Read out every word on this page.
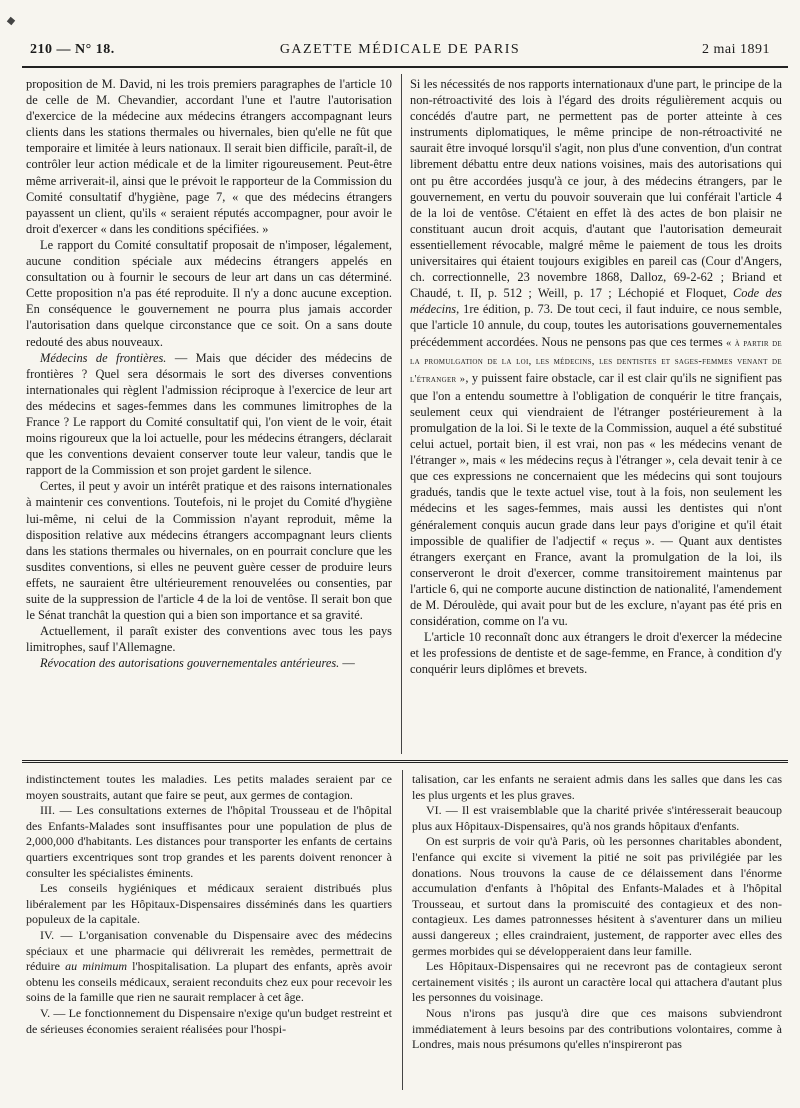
210 — N° 18.	GAZETTE MÉDICALE DE PARIS	2 mai 1891

proposition de M. David, ni les trois premiers paragraphes de l'article 10 de celle de M. Chevandier, accordant l'une et l'autre l'autorisation d'exercice de la médecine aux médecins étrangers accompagnant leurs clients dans les stations thermales ou hivernales, bien qu'elle ne fût que temporaire et limitée à leurs nationaux. Il serait bien difficile, paraît-il, de contrôler leur action médicale et de la limiter rigoureusement. Peut-être même arriverait-il, ainsi que le prévoit le rapporteur de la Commission du Comité consultatif d'hygiène, page 7, « que des médecins étrangers payassent un client, qu'ils « seraient réputés accompagner, pour avoir le droit d'exercer « dans les conditions spécifiées. »

Le rapport du Comité consultatif proposait de n'imposer, légalement, aucune condition spéciale aux médecins étrangers appelés en consultation ou à fournir le secours de leur art dans un cas déterminé. Cette proposition n'a pas été reproduite. Il n'y a donc aucune exception. En conséquence le gouvernement ne pourra plus jamais accorder l'autorisation dans quelque circonstance que ce soit. On a sans doute redouté des abus nouveaux.

Médecins de frontières. — Mais que décider des médecins de frontières ? Quel sera désormais le sort des diverses conventions internationales qui règlent l'admission réciproque à l'exercice de leur art des médecins et sages-femmes dans les communes limitrophes de la France ? Le rapport du Comité consultatif qui, l'on vient de le voir, était moins rigoureux que la loi actuelle, pour les médecins étrangers, déclarait que les conventions devaient conserver toute leur valeur, tandis que le rapport de la Commission et son projet gardent le silence.

Certes, il peut y avoir un intérêt pratique et des raisons internationales à maintenir ces conventions. Toutefois, ni le projet du Comité d'hygiène lui-même, ni celui de la Commission n'ayant reproduit, même la disposition relative aux médecins étrangers accompagnant leurs clients dans les stations thermales ou hivernales, on en pourrait conclure que les susdites conventions, si elles ne peuvent guère cesser de produire leurs effets, ne sauraient être ultérieurement renouvelées ou consenties, par suite de la suppression de l'article 4 de la loi de ventôse. Il serait bon que le Sénat tranchât la question qui a bien son importance et sa gravité.

Actuellement, il paraît exister des conventions avec tous les pays limitrophes, sauf l'Allemagne.

Révocation des autorisations gouvernementales antérieures. —

Si les nécessités de nos rapports internationaux d'une part, le principe de la non-rétroactivité des lois à l'égard des droits régulièrement acquis ou concédés d'autre part, ne permettent pas de porter atteinte à ces instruments diplomatiques, le même principe de non-rétroactivité ne saurait être invoqué lorsqu'il s'agit, non plus d'une convention, d'un contrat librement débattu entre deux nations voisines, mais des autorisations qui ont pu être accordées jusqu'à ce jour, à des médecins étrangers, par le gouvernement, en vertu du pouvoir souverain que lui conférait l'article 4 de la loi de ventôse. C'étaient en effet là des actes de bon plaisir ne constituant aucun droit acquis, d'autant que l'autorisation demeurait essentiellement révocable, malgré même le paiement de tous les droits universitaires qui étaient toujours exigibles en pareil cas (Cour d'Angers, ch. correctionnelle, 23 novembre 1868, Dalloz, 69-2-62 ; Briand et Chaudé, t. II, p. 512 ; Weill, p. 17 ; Léchopié et Floquet, Code des médecins, 1re édition, p. 73. De tout ceci, il faut induire, ce nous semble, que l'article 10 annule, du coup, toutes les autorisations gouvernementales précédemment accordées. Nous ne pensons pas que ces termes « à partir de la promulgation de la loi, les médecins, les dentistes et sages-femmes venant de l'étranger », y puissent faire obstacle, car il est clair qu'ils ne signifient pas que l'on a entendu soumettre à l'obligation de conquérir le titre français, seulement ceux qui viendraient de l'étranger postérieurement à la promulgation de la loi. Si le texte de la Commission, auquel a été substitué celui actuel, portait bien, il est vrai, non pas « les médecins venant de l'étranger », mais « les médecins reçus à l'étranger », cela devait tenir à ce que ces expressions ne concernaient que les médecins qui sont toujours gradués, tandis que le texte actuel vise, tout à la fois, non seulement les médecins et les sages-femmes, mais aussi les dentistes qui n'ont généralement conquis aucun grade dans leur pays d'origine et qu'il était impossible de qualifier de l'adjectif « reçus ». — Quant aux dentistes étrangers exerçant en France, avant la promulgation de la loi, ils conserveront le droit d'exercer, comme transitoirement maintenus par l'article 6, qui ne comporte aucune distinction de nationalité, l'amendement de M. Déroulède, qui avait pour but de les exclure, n'ayant pas été pris en considération, comme on l'a vu.

L'article 10 reconnaît donc aux étrangers le droit d'exercer la médecine et les professions de dentiste et de sage-femme, en France, à condition d'y conquérir leurs diplômes et brevets.

indistinctement toutes les maladies. Les petits malades seraient par ce moyen soustraits, autant que faire se peut, aux germes de contagion.

III. — Les consultations externes de l'hôpital Trousseau et de l'hôpital des Enfants-Malades sont insuffisantes pour une population de plus de 2,000,000 d'habitants. Les distances pour transporter les enfants de certains quartiers excentriques sont trop grandes et les parents doivent renoncer à consulter les spécialistes éminents.

Les conseils hygiéniques et médicaux seraient distribués plus libéralement par les Hôpitaux-Dispensaires disséminés dans les quartiers populeux de la capitale.

IV. — L'organisation convenable du Dispensaire avec des médecins spéciaux et une pharmacie qui délivrerait les remèdes, permettrait de réduire au minimum l'hospitalisation. La plupart des enfants, après avoir obtenu les conseils médicaux, seraient reconduits chez eux pour recevoir les soins de la famille que rien ne saurait remplacer à cet âge.

V. — Le fonctionnement du Dispensaire n'exige qu'un budget restreint et de sérieuses économies seraient réalisées pour l'hospi-

talisation, car les enfants ne seraient admis dans les salles que dans les cas les plus urgents et les plus graves.

VI. — Il est vraisemblable que la charité privée s'intéresserait beaucoup plus aux Hôpitaux-Dispensaires, qu'à nos grands hôpitaux d'enfants.

On est surpris de voir qu'à Paris, où les personnes charitables abondent, l'enfance qui excite si vivement la pitié ne soit pas privilégiée par les donations. Nous trouvons la cause de ce délaissement dans l'énorme accumulation d'enfants à l'hôpital des Enfants-Malades et à l'hôpital Trousseau, et surtout dans la promiscuité des contagieux et des non-contagieux. Les dames patronnesses hésitent à s'aventurer dans un milieu aussi dangereux ; elles craindraient, justement, de rapporter avec elles des germes morbides qui se développeraient dans leur famille.

Les Hôpitaux-Dispensaires qui ne recevront pas de contagieux seront certainement visités ; ils auront un caractère local qui attachera d'autant plus les personnes du voisinage.

Nous n'irons pas jusqu'à dire que ces maisons subviendront immédiatement à leurs besoins par des contributions volontaires, comme à Londres, mais nous présumons qu'elles n'inspireront pas
